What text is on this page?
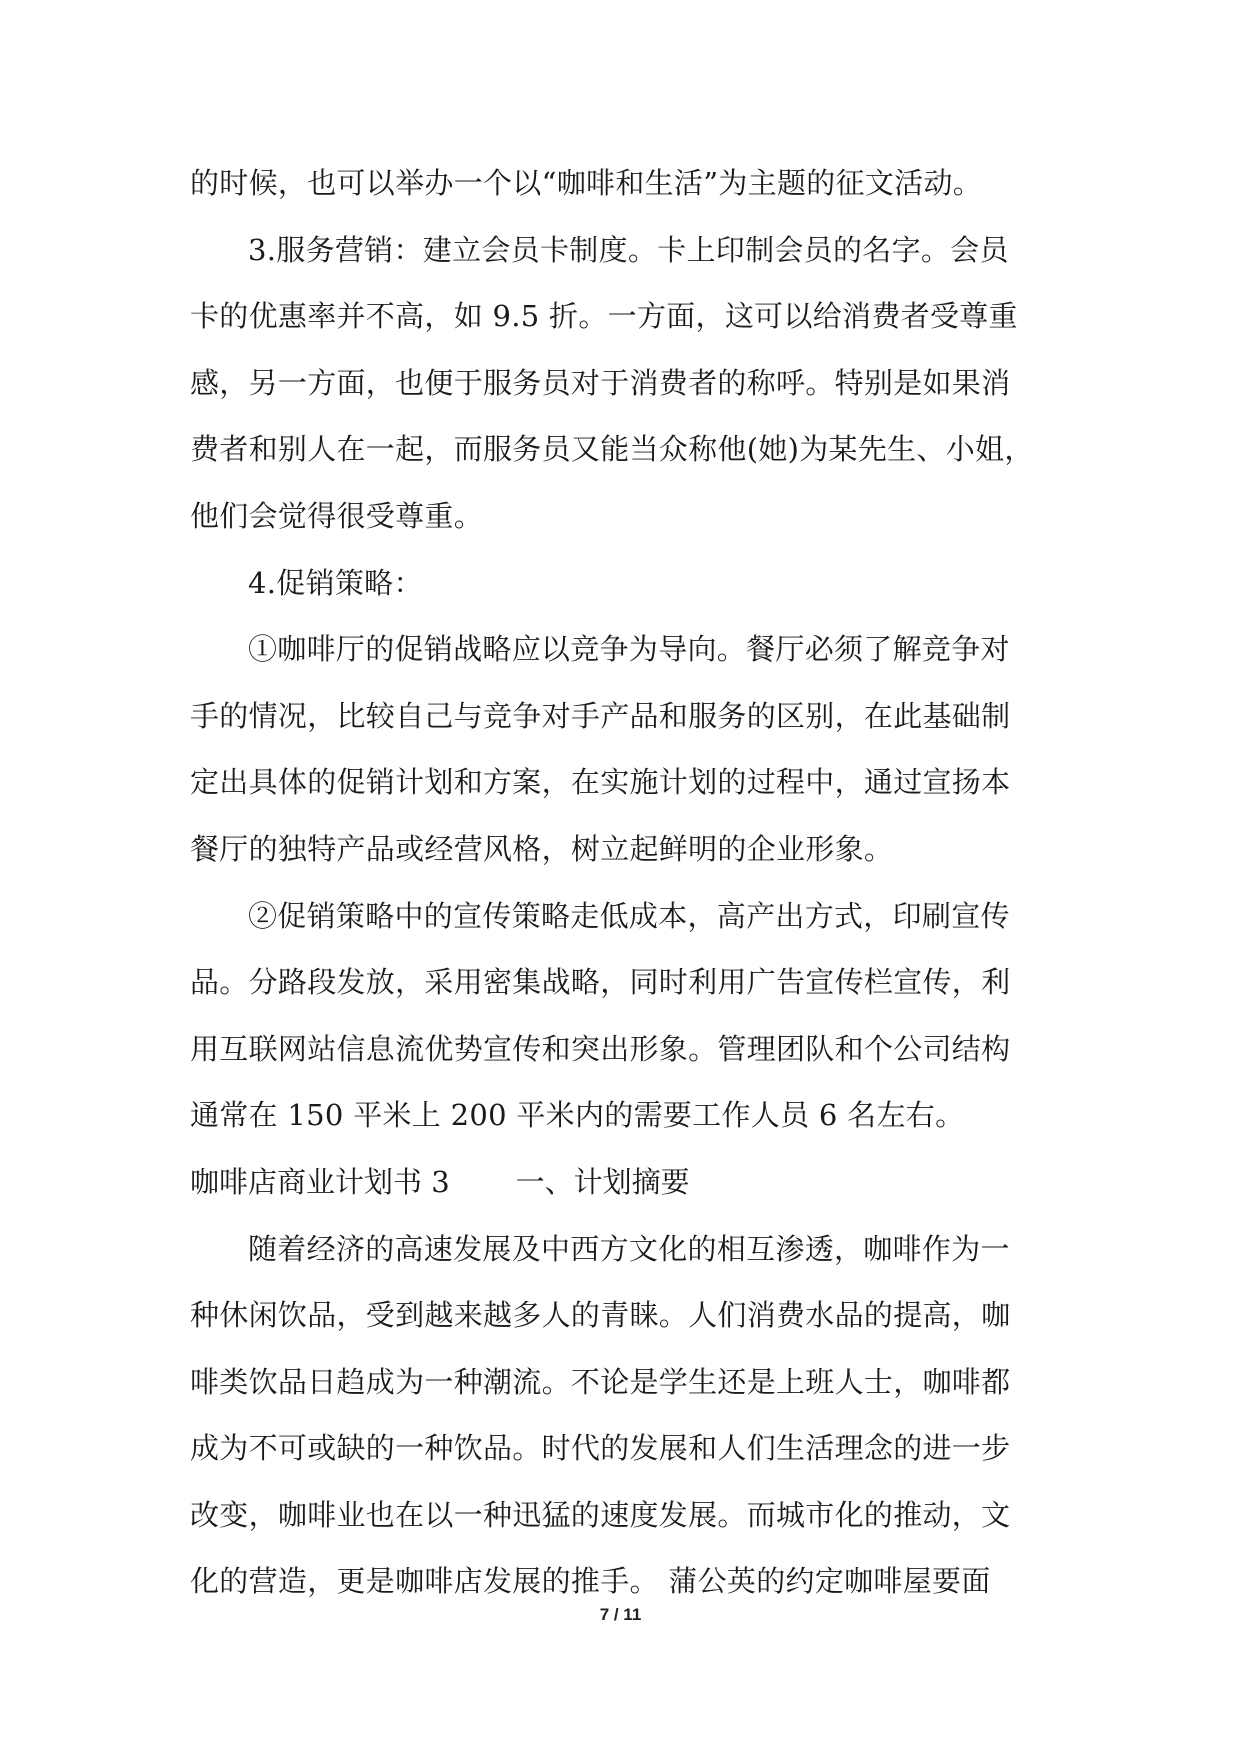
的时候，也可以举办一个以“咖啡和生活”为主题的征文活动。
3.服务营销：建立会员卡制度。卡上印制会员的名字。会员
卡的优惠率并不高，如 9.5 折。一方面，这可以给消费者受尊重
感，另一方面，也便于服务员对于消费者的称呼。特别是如果消
费者和别人在一起，而服务员又能当众称他(她)为某先生、小姐，
他们会觉得很受尊重。
4.促销策略：
①咖啡厅的促销战略应以竞争为导向。餐厅必须了解竞争对
手的情况，比较自己与竞争对手产品和服务的区别，在此基础制
定出具体的促销计划和方案，在实施计划的过程中，通过宣扬本
餐厅的独特产品或经营风格，树立起鲜明的企业形象。
②促销策略中的宣传策略走低成本，高产出方式，印刷宣传
品。分路段发放，采用密集战略，同时利用广告宣传栏宣传，利
用互联网站信息流优势宣传和突出形象。管理团队和个公司结构
通常在 150 平米上 200 平米内的需要工作人员 6 名左右。
咖啡店商业计划书 3 一、计划摘要
随着经济的高速发展及中西方文化的相互渗透，咖啡作为一
种休闲饮品，受到越来越多人的青睐。人们消费水品的提高，咖
啡类饮品日趋成为一种潮流。不论是学生还是上班人士，咖啡都
成为不可或缺的一种饮品。时代的发展和人们生活理念的进一步
改变，咖啡业也在以一种迅猛的速度发展。而城市化的推动，文
化的营造，更是咖啡店发展的推手。 蒲公英的约定咖啡屋要面
7 / 11
